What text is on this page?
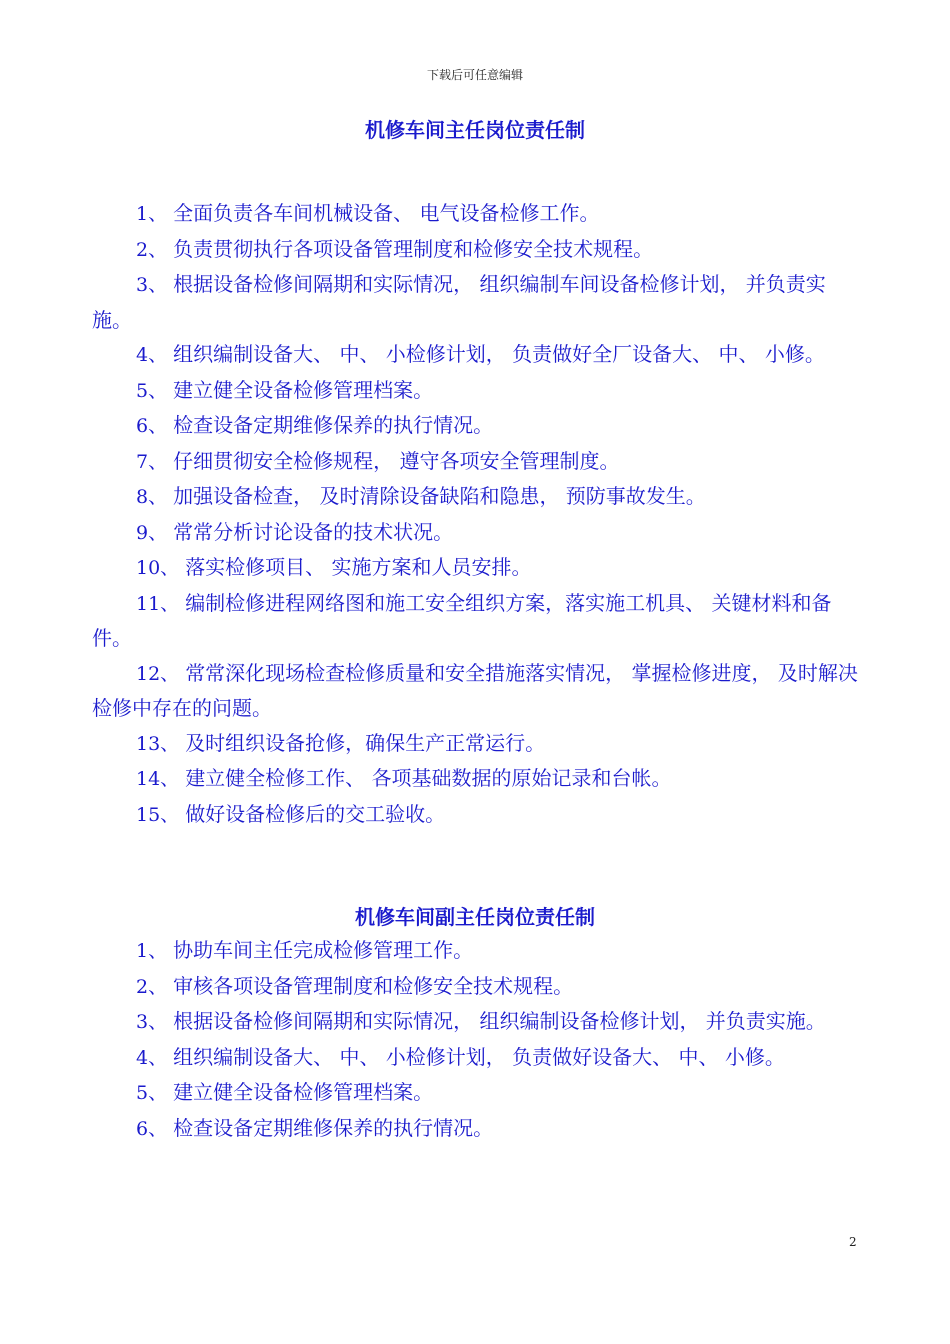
下载后可任意编辑
机修车间主任岗位责任制
1、 全面负责各车间机械设备、 电气设备检修工作。
2、 负责贯彻执行各项设备管理制度和检修安全技术规程。
3、 根据设备检修间隔期和实际情况， 组织编制车间设备检修计划， 并负责实施。
4、 组织编制设备大、 中、 小检修计划， 负责做好全厂设备大、 中、 小修。
5、 建立健全设备检修管理档案。
6、 检查设备定期维修保养的执行情况。
7、 仔细贯彻安全检修规程， 遵守各项安全管理制度。
8、 加强设备检查， 及时清除设备缺陷和隐患， 预防事故发生。
9、 常常分析讨论设备的技术状况。
10、 落实检修项目、 实施方案和人员安排。
11、 编制检修进程网络图和施工安全组织方案，落实施工机具、 关键材料和备件。
12、 常常深化现场检查检修质量和安全措施落实情况， 掌握检修进度， 及时解决检修中存在的问题。
13、 及时组织设备抢修，确保生产正常运行。
14、 建立健全检修工作、 各项基础数据的原始记录和台帐。
15、 做好设备检修后的交工验收。
机修车间副主任岗位责任制
1、 协助车间主任完成检修管理工作。
2、 审核各项设备管理制度和检修安全技术规程。
3、 根据设备检修间隔期和实际情况， 组织编制设备检修计划， 并负责实施。
4、 组织编制设备大、 中、 小检修计划， 负责做好设备大、 中、 小修。
5、 建立健全设备检修管理档案。
6、 检查设备定期维修保养的执行情况。
2
